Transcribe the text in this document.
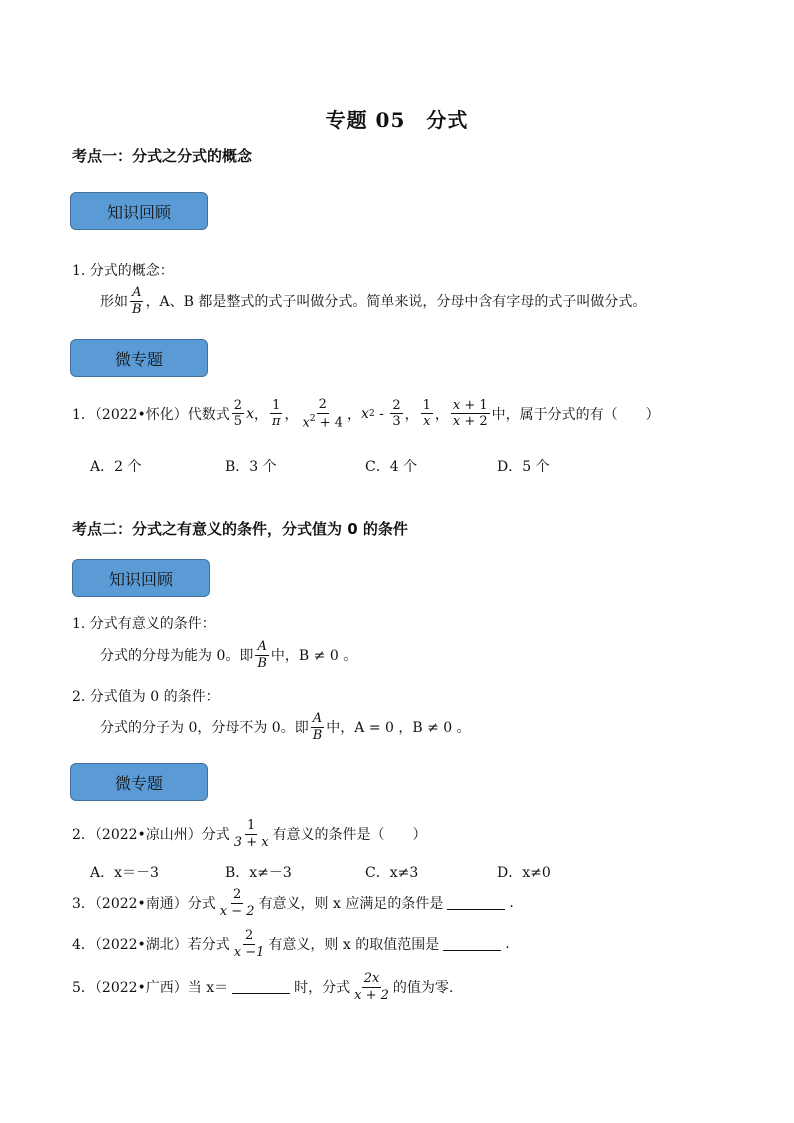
专题 05　分式
考点一：分式之分式的概念
知识回顾
1. 分式的概念：
形如 $\frac{A}{B}$ ，A、B 都是整式的式子叫做分式。简单来说，分母中含有字母的式子叫做分式。
微专题
1．（2022•怀化）代数式 $\frac{2}{5}$ x ， $\frac{1}{\pi}$ ， $\frac{2}{x^2 + 4}$ ， x $2 - \frac{2}{3}$ ， $\frac{1}{x}$ ， $\frac{x + 1}{x + 2}$ 中，属于分式的有（　　）
A．2 个	B．3 个	C．4 个	D．5 个
考点二：分式之有意义的条件，分式值为 0 的条件
知识回顾
1. 分式有意义的条件：
分式的分母为能为 0。即 $\frac{A}{B}$ 中，B ≠ 0 。
2. 分式值为 0 的条件：
分式的分子为 0，分母不为 0。即 $\frac{A}{B}$ 中，A = 0 ，B ≠ 0 。
微专题
2．（2022•凉山州）分式 $\frac{1}{3 + x}$ 有意义的条件是（　　）
A．x＝－3	B．x≠－3	C．x≠3	D．x≠0
3．（2022•南通）分式 $\frac{2}{x - 2}$ 有意义，则 x 应满足的条件是	.
4．（2022•湖北）若分式 $\frac{2}{x -1}$ 有意义，则 x 的取值范围是	.
5．（2022•广西）当 x＝	时，分式 $\frac{2x}{x + 2}$ 的值为零.
